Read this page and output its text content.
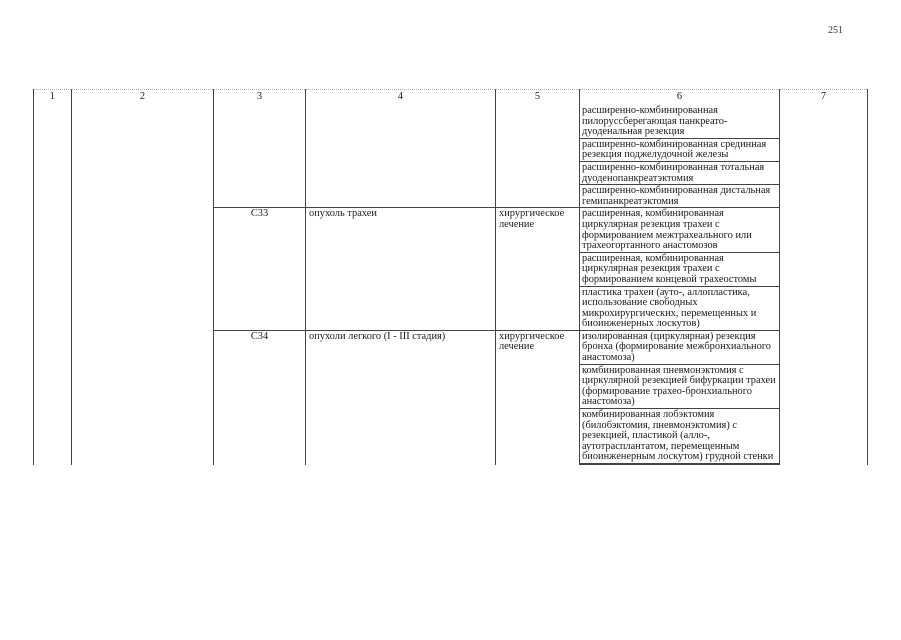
251
1	2	3	4	5	6	7
					расширенно-комбинированная пилоруссберегающая панкреато-дуоденальная резекция	
					расширенно-комбинированная срединная резекция поджелудочной железы	
					расширенно-комбинированная тотальная дуоденопанкреатэктомия	
					расширенно-комбинированная дистальная гемипанкреатэктомия	
		С33	опухоль трахеи	хирургическое лечение	расширенная, комбинированная циркулярная резекция трахеи с формированием межтрахеального или трахеогортанного анастомозов	
					расширенная, комбинированная циркулярная резекция трахеи с формированием концевой трахеостомы	
					пластика трахеи (ауто-, аллопластика, использование свободных микрохирургических, перемещенных и биоинженерных лоскутов)	
		С34	опухоли легкого (I - III стадия)	хирургическое лечение	изолированная (циркулярная) резекция бронха (формирование межбронхиального анастомоза)	
					комбинированная пневмонэктомия с циркулярной резекцией бифуркации трахеи (формирование трахео-бронхиального анастомоза)	
					комбинированная лобэктомия (билобэктомия, пневмонэктомия) с резекцией, пластикой (алло-, аутотрасплантатом, перемещенным биоинженерным лоскутом) грудной стенки	
